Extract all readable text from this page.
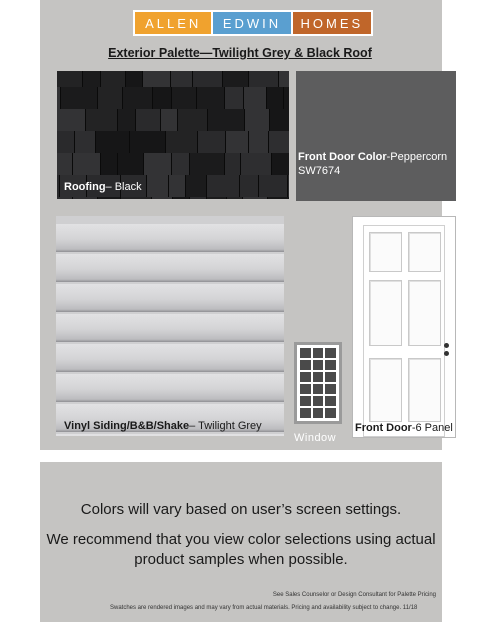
ALLEN	EDWIN	HOMES
Exterior Palette—Twilight Grey & Black Roof
Roofing– Black
Front Door Color-Peppercorn
SW7674
Vinyl Siding/B&B/Shake– Twilight Grey
Window
Front Door-6 Panel
Colors will vary based on user’s screen settings.
We recommend that you view color selections using actual product samples when possible.
See Sales Counselor or Design Consultant for Palette Pricing
Swatches are rendered images and may vary from actual materials. Pricing and availability subject to change. 11/18
